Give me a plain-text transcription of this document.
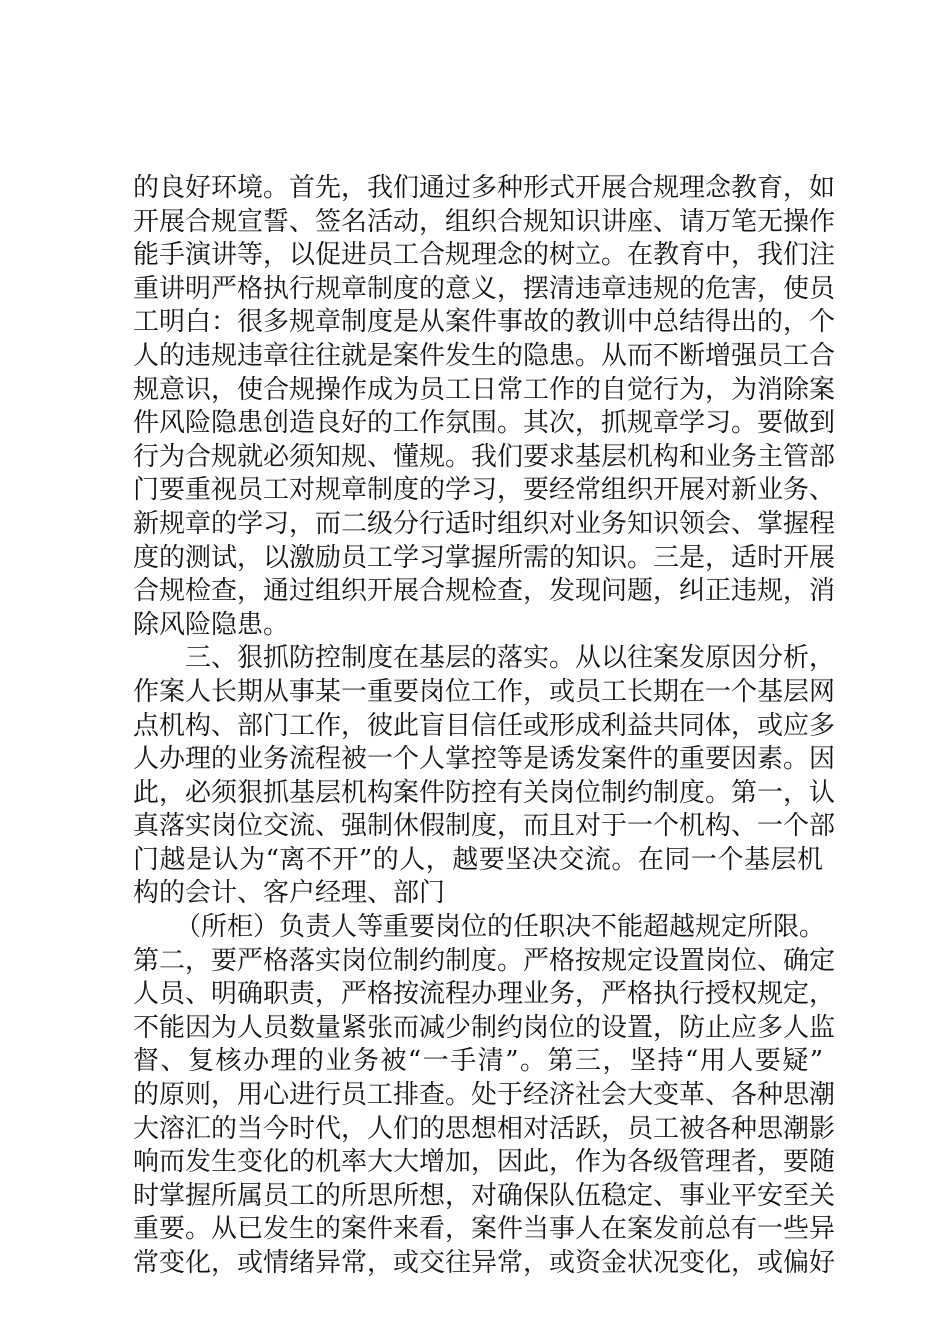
的良好环境。首先，我们通过多种形式开展合规理念教育，如
开展合规宣誓、签名活动，组织合规知识讲座、请万笔无操作
能手演讲等，以促进员工合规理念的树立。在教育中，我们注
重讲明严格执行规章制度的意义，摆清违章违规的危害，使员
工明白：很多规章制度是从案件事故的教训中总结得出的，个
人的违规违章往往就是案件发生的隐患。从而不断增强员工合
规意识，使合规操作成为员工日常工作的自觉行为，为消除案
件风险隐患创造良好的工作氛围。其次，抓规章学习。要做到
行为合规就必须知规、懂规。我们要求基层机构和业务主管部
门要重视员工对规章制度的学习，要经常组织开展对新业务、
新规章的学习，而二级分行适时组织对业务知识领会、掌握程
度的测试，以激励员工学习掌握所需的知识。三是，适时开展
合规检查，通过组织开展合规检查，发现问题，纠正违规，消
除风险隐患。
三、狠抓防控制度在基层的落实。从以往案发原因分析，
作案人长期从事某一重要岗位工作，或员工长期在一个基层网
点机构、部门工作，彼此盲目信任或形成利益共同体，或应多
人办理的业务流程被一个人掌控等是诱发案件的重要因素。因
此，必须狠抓基层机构案件防控有关岗位制约制度。第一，认
真落实岗位交流、强制休假制度，而且对于一个机构、一个部
门越是认为“离不开”的人，越要坚决交流。在同一个基层机
构的会计、客户经理、部门
（所柜）负责人等重要岗位的任职决不能超越规定所限。
第二，要严格落实岗位制约制度。严格按规定设置岗位、确定
人员、明确职责，严格按流程办理业务，严格执行授权规定，
不能因为人员数量紧张而减少制约岗位的设置，防止应多人监
督、复核办理的业务被“一手清”。第三，坚持“用人要疑”
的原则，用心进行员工排查。处于经济社会大变革、各种思潮
大溶汇的当今时代，人们的思想相对活跃，员工被各种思潮影
响而发生变化的机率大大增加，因此，作为各级管理者，要随
时掌握所属员工的所思所想，对确保队伍稳定、事业平安至关
重要。从已发生的案件来看，案件当事人在案发前总有一些异
常变化，或情绪异常，或交往异常，或资金状况变化，或偏好
